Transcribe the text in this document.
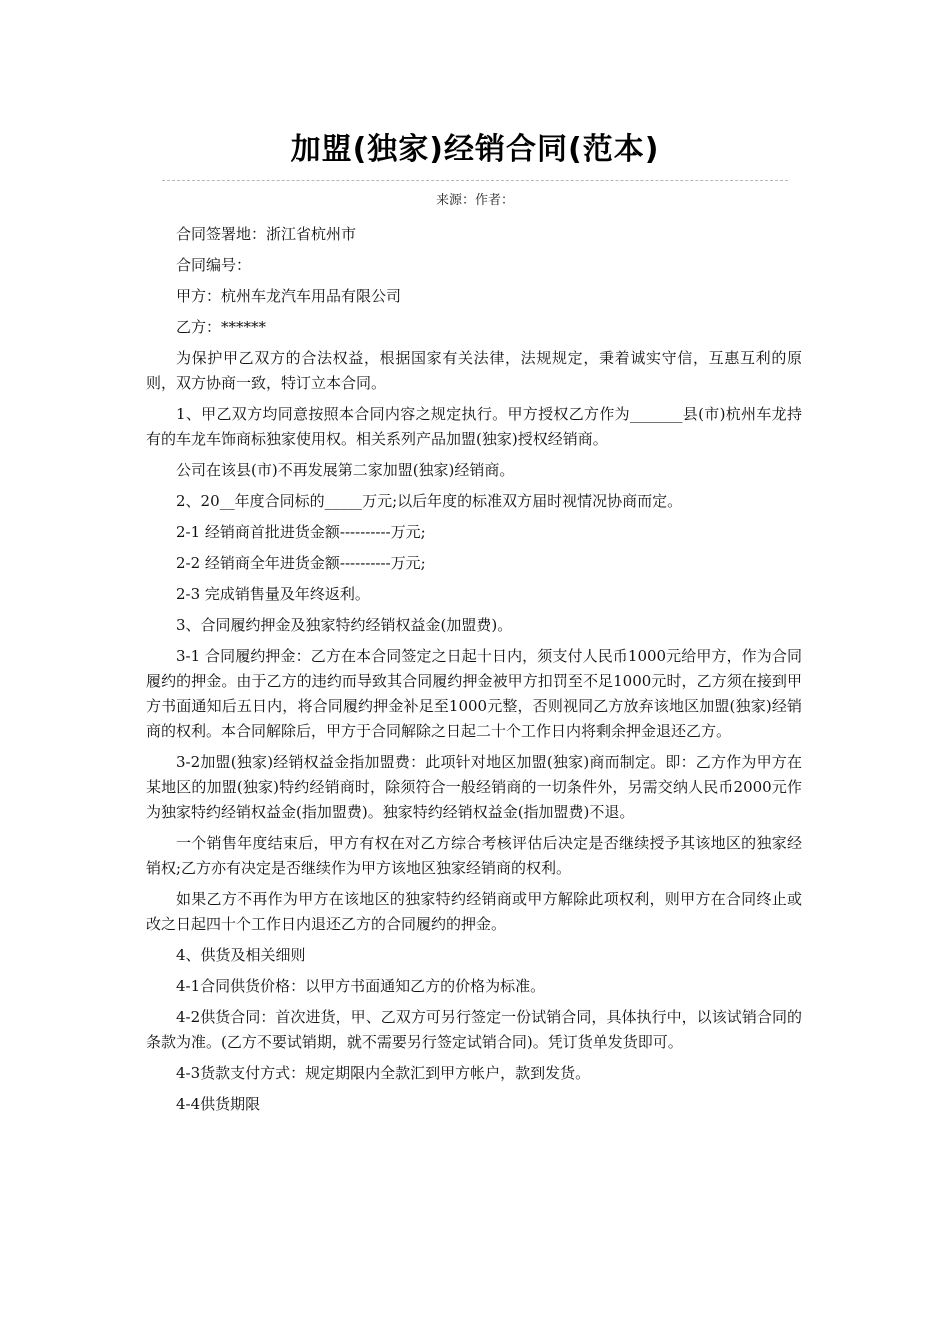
加盟(独家)经销合同(范本)
来源：作者：

合同签署地：浙江省杭州市

合同编号：

甲方：杭州车龙汽车用品有限公司

乙方：******

为保护甲乙双方的合法权益，根据国家有关法律，法规规定，秉着诚实守信，互惠互利的原则，双方协商一致，特订立本合同。

1、甲乙双方均同意按照本合同内容之规定执行。甲方授权乙方作为_______县(市)杭州车龙持有的车龙车饰商标独家使用权。相关系列产品加盟(独家)授权经销商。

公司在该县(市)不再发展第二家加盟(独家)经销商。

2、20__年度合同标的_____万元;以后年度的标准双方届时视情况协商而定。

2-1 经销商首批进货金额----------万元;

2-2 经销商全年进货金额----------万元;

2-3 完成销售量及年终返利。

3、合同履约押金及独家特约经销权益金(加盟费)。

3-1 合同履约押金：乙方在本合同签定之日起十日内，须支付人民币1000元给甲方，作为合同履约的押金。由于乙方的违约而导致其合同履约押金被甲方扣罚至不足1000元时，乙方须在接到甲方书面通知后五日内，将合同履约押金补足至1000元整，否则视同乙方放弃该地区加盟(独家)经销商的权利。本合同解除后，甲方于合同解除之日起二十个工作日内将剩余押金退还乙方。

3-2加盟(独家)经销权益金指加盟费：此项针对地区加盟(独家)商而制定。即：乙方作为甲方在某地区的加盟(独家)特约经销商时，除须符合一般经销商的一切条件外，另需交纳人民币2000元作为独家特约经销权益金(指加盟费)。独家特约经销权益金(指加盟费)不退。

一个销售年度结束后，甲方有权在对乙方综合考核评估后决定是否继续授予其该地区的独家经销权;乙方亦有决定是否继续作为甲方该地区独家经销商的权利。

如果乙方不再作为甲方在该地区的独家特约经销商或甲方解除此项权利，则甲方在合同终止或改之日起四十个工作日内退还乙方的合同履约的押金。

4、供货及相关细则

4-1合同供货价格：以甲方书面通知乙方的价格为标准。

4-2供货合同：首次进货，甲、乙双方可另行签定一份试销合同，具体执行中，以该试销合同的条款为准。(乙方不要试销期，就不需要另行签定试销合同)。凭订货单发货即可。

4-3货款支付方式：规定期限内全款汇到甲方帐户，款到发货。

4-4供货期限
